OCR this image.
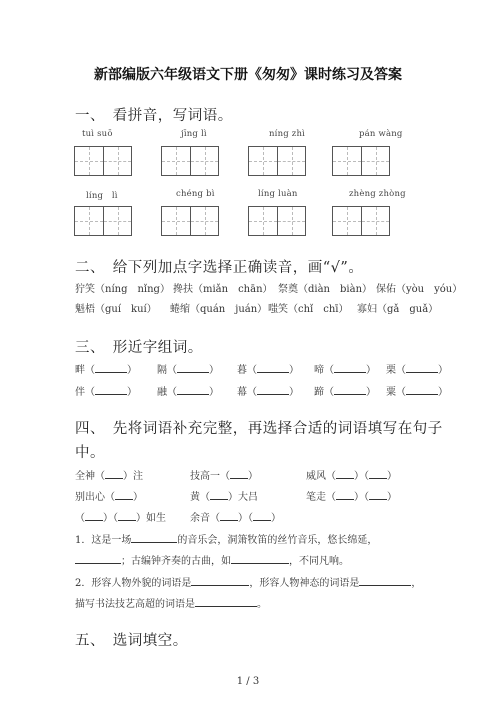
新部编版六年级语文下册《匆匆》课时练习及答案
一、　看拼音，写词语。
tuì suō	jīng lì	níng zhì	pán wàng
líng　lì	chéng bì	líng luàn	zhèng zhòng
二、　给下列加点字选择正确读音，画“√”。
狞笑（níng　nǐng） 搀扶（miǎn　chān） 祭奠（diàn　biàn） 保佑（yòu　yóu）
魁梧（guí　kuí） 蜷缩（quán　juán） 嗤笑（chǐ　chī） 寡妇（gǎ　guǎ）
三、　形近字组词。
畔（	） 隔（	） 暮（	） 啼（	） 栗（	）
伴（	） 融（	） 幕（	） 蹄（	） 粟（	）
四、　先将词语补充完整，再选择合适的词语填写在句子
中。
全神（ ）注	技高一（ ）	威风（ ）（ ）
别出心（ ）	黄（ ）大吕	笔走（ ）（ ）
（ ）（ ）如生 余音（ ）（ ）
1．这是一场	的音乐会，洞箫牧笛的丝竹音乐，悠长绵延，
；古编钟齐奏的古曲，如	，不同凡响。
2．形容人物外貌的词语是	，形容人物神态的词语是	，
描写书法技艺高超的词语是	。
五、　选词填空。
1 / 3
